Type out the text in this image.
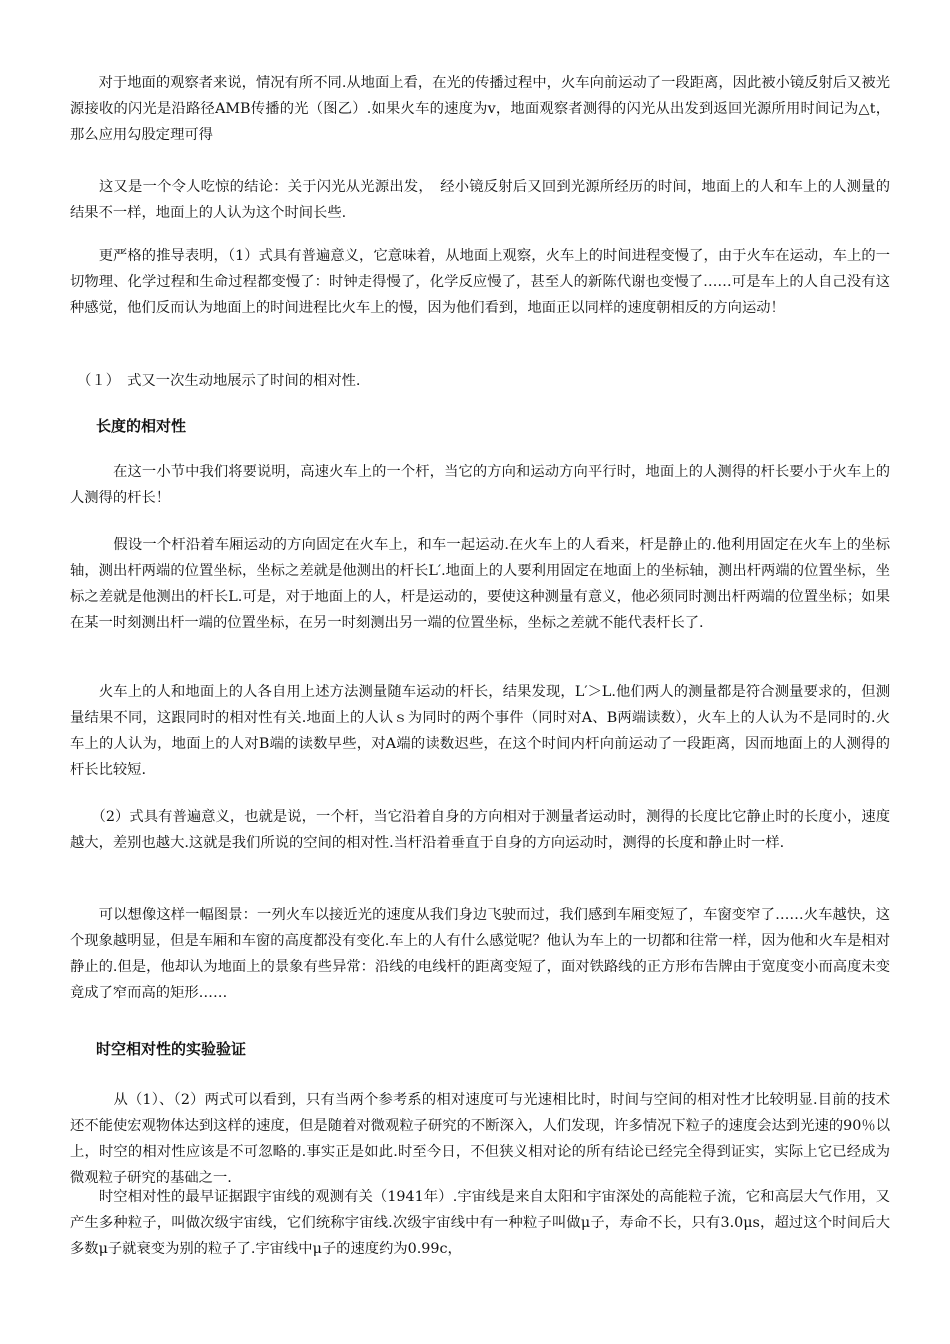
　　对于地面的观察者来说，情况有所不同.从地面上看，在光的传播过程中，火车向前运动了一段距离，因此被小镜反射后又被光源接收的闪光是沿路径AMB传播的光（图乙）.如果火车的速度为v，地面观察者测得的闪光从出发到返回光源所用时间记为△t，那么应用勾股定理可得

　　这又是一个令人吃惊的结论：关于闪光从光源出发，　经小镜反射后又回到光源所经历的时间，地面上的人和车上的人测量的结果不一样，地面上的人认为这个时间长些.

　　更严格的推导表明，（1）式具有普遍意义，它意味着，从地面上观察，火车上的时间进程变慢了，由于火车在运动，车上的一切物理、化学过程和生命过程都变慢了：时钟走得慢了，化学反应慢了，甚至人的新陈代谢也变慢了……可是车上的人自己没有这种感觉，他们反而认为地面上的时间进程比火车上的慢，因为他们看到，地面正以同样的速度朝相反的方向运动！

　（１）　式又一次生动地展示了时间的相对性.

长度的相对性

　　　在这一小节中我们将要说明，高速火车上的一个杆，当它的方向和运动方向平行时，地面上的人测得的杆长要小于火车上的人测得的杆长！

　　　假设一个杆沿着车厢运动的方向固定在火车上，和车一起运动.在火车上的人看来，杆是静止的.他利用固定在火车上的坐标轴，测出杆两端的位置坐标，坐标之差就是他测出的杆长L′.地面上的人要利用固定在地面上的坐标轴，测出杆两端的位置坐标，坐标之差就是他测出的杆长L.可是，对于地面上的人，杆是运动的，要使这种测量有意义，他必须同时测出杆两端的位置坐标；如果在某一时刻测出杆一端的位置坐标，在另一时刻测出另一端的位置坐标，坐标之差就不能代表杆长了.

　　火车上的人和地面上的人各自用上述方法测量随车运动的杆长，结果发现，L′＞L.他们两人的测量都是符合测量要求的，但测量结果不同，这跟同时的相对性有关.地面上的人认ｓ为同时的两个事件（同时对A、B两端读数），火车上的人认为不是同时的.火车上的人认为，地面上的人对B端的读数早些，对A端的读数迟些，在这个时间内杆向前运动了一段距离，因而地面上的人测得的杆长比较短.

　　（2）式具有普遍意义，也就是说，一个杆，当它沿着自身的方向相对于测量者运动时，测得的长度比它静止时的长度小，速度越大，差别也越大.这就是我们所说的空间的相对性.当杆沿着垂直于自身的方向运动时，测得的长度和静止时一样.

　　可以想像这样一幅图景：一列火车以接近光的速度从我们身边飞驶而过，我们感到车厢变短了，车窗变窄了……火车越快，这个现象越明显，但是车厢和车窗的高度都没有变化.车上的人有什么感觉呢？他认为车上的一切都和往常一样，因为他和火车是相对静止的.但是，他却认为地面上的景象有些异常：沿线的电线杆的距离变短了，面对铁路线的正方形布告牌由于宽度变小而高度未变竟成了窄而高的矩形……

时空相对性的实验验证

　　　从（1）、（2）两式可以看到，只有当两个参考系的相对速度可与光速相比时，时间与空间的相对性才比较明显.目前的技术还不能使宏观物体达到这样的速度，但是随着对微观粒子研究的不断深入，人们发现，许多情况下粒子的速度会达到光速的90％以上，时空的相对性应该是不可忽略的.事实正是如此.时至今日，不但狭义相对论的所有结论已经完全得到证实，实际上它已经成为微观粒子研究的基础之一.

　　时空相对性的最早证据跟宇宙线的观测有关（1941年）.宇宙线是来自太阳和宇宙深处的高能粒子流，它和高层大气作用，又产生多种粒子，叫做次级宇宙线，它们统称宇宙线.次级宇宙线中有一种粒子叫做μ子，寿命不长，只有3.0μs，超过这个时间后大多数μ子就衰变为别的粒子了.宇宙线中μ子的速度约为0.99c，
